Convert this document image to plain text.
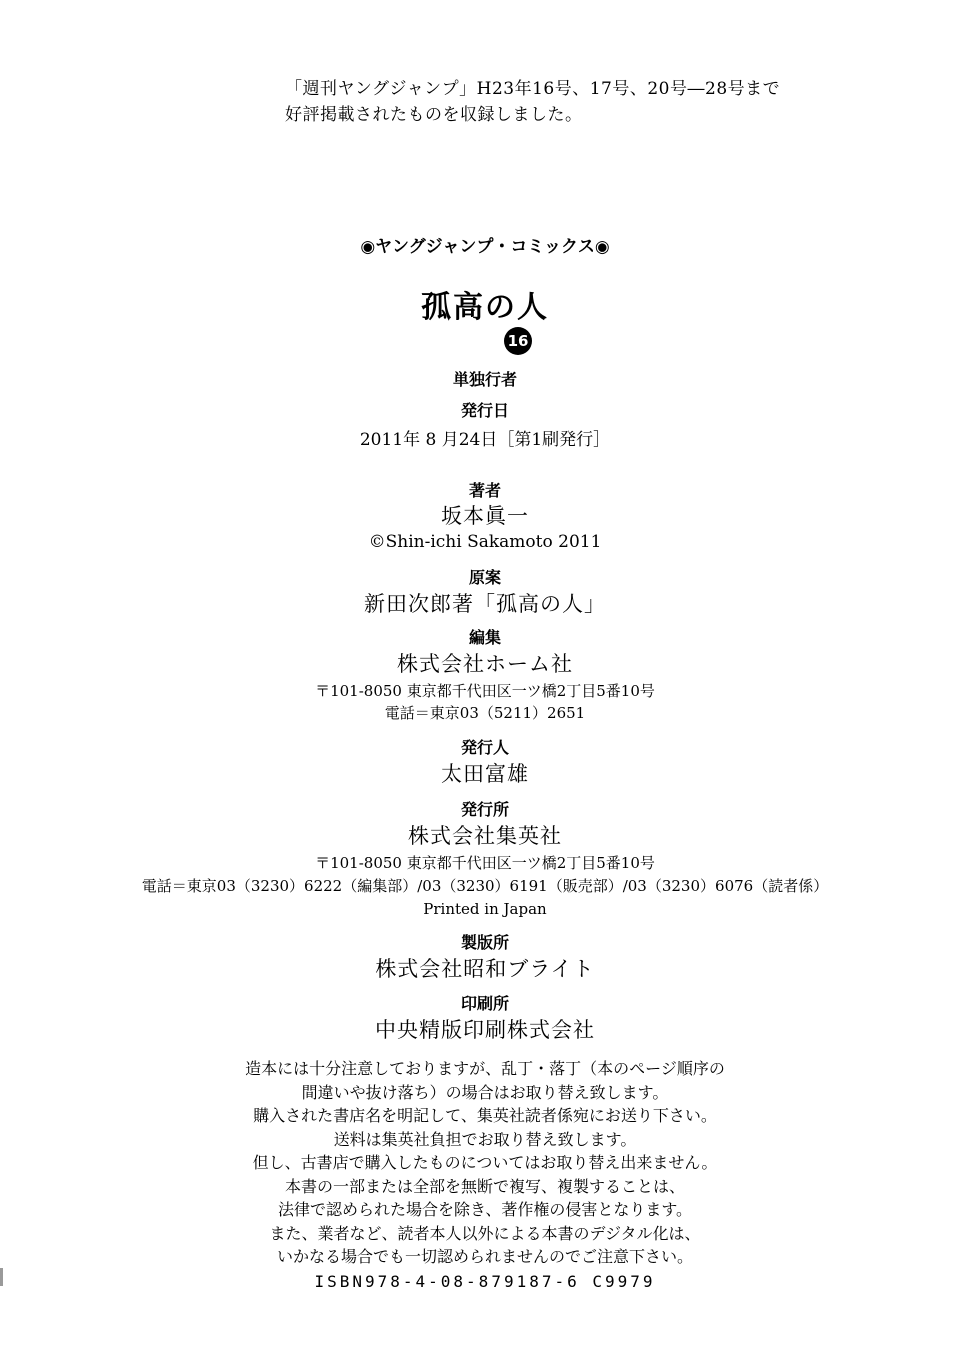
「週刊ヤングジャンプ」H23年16号、17号、20号―28号まで
好評掲載されたものを収録しました。
◉ヤングジャンプ・コミックス◉
孤高の人
16
単独行者
発行日
2011年 8 月24日［第1刷発行］
著者
坂本眞一
©Shin-ichi Sakamoto 2011
原案
新田次郎著「孤高の人」
編集
株式会社ホーム社
〒101-8050 東京都千代田区一ツ橋2丁目5番10号
電話＝東京03（5211）2651
発行人
太田富雄
発行所
株式会社集英社
〒101-8050 東京都千代田区一ツ橋2丁目5番10号
電話＝東京03（3230）6222（編集部）/03（3230）6191（販売部）/03（3230）6076（読者係）
Printed in Japan
製版所
株式会社昭和ブライト
印刷所
中央精版印刷株式会社
造本には十分注意しておりますが、乱丁・落丁（本のページ順序の
間違いや抜け落ち）の場合はお取り替え致します。
購入された書店名を明記して、集英社読者係宛にお送り下さい。
送料は集英社負担でお取り替え致します。
但し、古書店で購入したものについてはお取り替え出来ません。
本書の一部または全部を無断で複写、複製することは、
法律で認められた場合を除き、著作権の侵害となります。
また、業者など、読者本人以外による本書のデジタル化は、
いかなる場合でも一切認められませんのでご注意下さい。
ISBN978-4-08-879187-6 C9979
